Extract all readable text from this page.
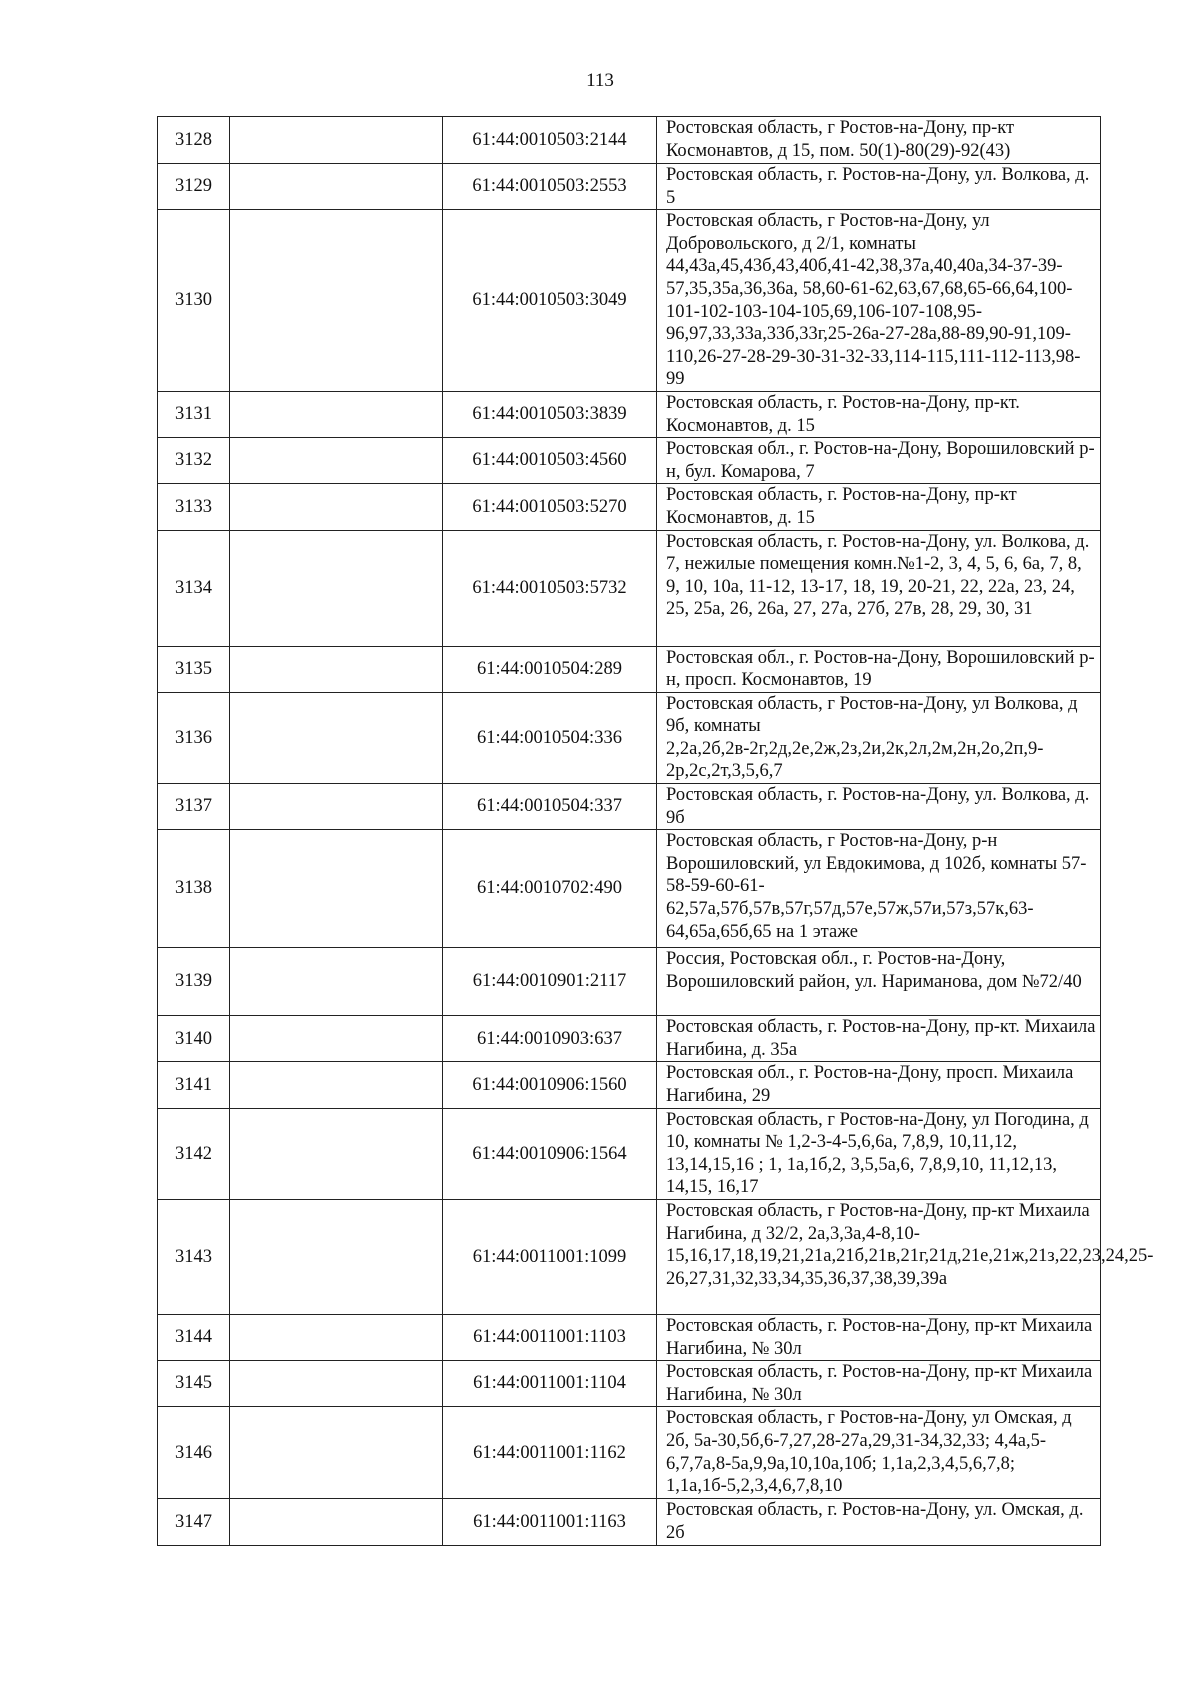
113
3128		61:44:0010503:2144	Ростовская область, г Ростов-на-Дону, пр-кт Космонавтов, д 15, пом. 50(1)-80(29)-92(43)
3129		61:44:0010503:2553	Ростовская область, г. Ростов-на-Дону, ул. Волкова, д. 5
3130		61:44:0010503:3049	Ростовская область, г Ростов-на-Дону, ул Добровольского, д 2/1, комнаты 44,43а,45,43б,43,40б,41-42,38,37а,40,40а,34-37-39-57,35,35а,36,36а, 58,60-61-62,63,67,68,65-66,64,100-101-102-103-104-105,69,106-107-108,95-96,97,33,33а,33б,33г,25-26а-27-28а,88-89,90-91,109-110,26-27-28-29-30-31-32-33,114-115,111-112-113,98-99
3131		61:44:0010503:3839	Ростовская область, г. Ростов-на-Дону, пр-кт. Космонавтов, д. 15
3132		61:44:0010503:4560	Ростовская обл., г. Ростов-на-Дону, Ворошиловский р-н, бул. Комарова, 7
3133		61:44:0010503:5270	Ростовская область, г. Ростов-на-Дону, пр-кт Космонавтов, д. 15
3134		61:44:0010503:5732	Ростовская область, г. Ростов-на-Дону, ул. Волкова, д. 7, нежилые помещения комн.№1-2, 3, 4, 5, 6, 6а, 7, 8, 9, 10, 10а, 11-12, 13-17, 18, 19, 20-21, 22, 22а, 23, 24, 25, 25а, 26, 26а, 27, 27а, 27б, 27в, 28, 29, 30, 31
3135		61:44:0010504:289	Ростовская обл., г. Ростов-на-Дону, Ворошиловский р-н, просп. Космонавтов, 19
3136		61:44:0010504:336	Ростовская область, г Ростов-на-Дону, ул Волкова, д 9б, комнаты 2,2а,2б,2в-2г,2д,2е,2ж,2з,2и,2к,2л,2м,2н,2о,2п,9-2р,2с,2т,3,5,6,7
3137		61:44:0010504:337	Ростовская область, г. Ростов-на-Дону, ул. Волкова, д. 9б
3138		61:44:0010702:490	Ростовская область, г Ростов-на-Дону, р-н Ворошиловский, ул Евдокимова, д 102б, комнаты 57-58-59-60-61-62,57а,57б,57в,57г,57д,57е,57ж,57и,57з,57к,63-64,65а,65б,65 на 1 этаже
3139		61:44:0010901:2117	Россия, Ростовская обл., г. Ростов-на-Дону, Ворошиловский район, ул. Нариманова, дом №72/40
3140		61:44:0010903:637	Ростовская область, г. Ростов-на-Дону, пр-кт. Михаила Нагибина, д. 35а
3141		61:44:0010906:1560	Ростовская обл., г. Ростов-на-Дону, просп. Михаила Нагибина, 29
3142		61:44:0010906:1564	Ростовская область, г Ростов-на-Дону, ул Погодина, д 10, комнаты № 1,2-3-4-5,6,6а, 7,8,9, 10,11,12, 13,14,15,16 ; 1, 1а,1б,2, 3,5,5а,6, 7,8,9,10, 11,12,13, 14,15, 16,17
3143		61:44:0011001:1099	Ростовская область, г Ростов-на-Дону, пр-кт Михаила Нагибина, д 32/2, 2а,3,3а,4-8,10-15,16,17,18,19,21,21а,21б,21в,21г,21д,21е,21ж,21з,22,23,24,25-26,27,31,32,33,34,35,36,37,38,39,39а
3144		61:44:0011001:1103	Ростовская область, г. Ростов-на-Дону, пр-кт Михаила Нагибина, № 30л
3145		61:44:0011001:1104	Ростовская область, г. Ростов-на-Дону, пр-кт Михаила Нагибина, № 30л
3146		61:44:0011001:1162	Ростовская область, г Ростов-на-Дону, ул Омская, д 2б, 5а-30,5б,6-7,27,28-27а,29,31-34,32,33; 4,4а,5-6,7,7а,8-5а,9,9а,10,10а,10б; 1,1а,2,3,4,5,6,7,8; 1,1а,1б-5,2,3,4,6,7,8,10
3147		61:44:0011001:1163	Ростовская область, г. Ростов-на-Дону, ул. Омская, д. 2б
